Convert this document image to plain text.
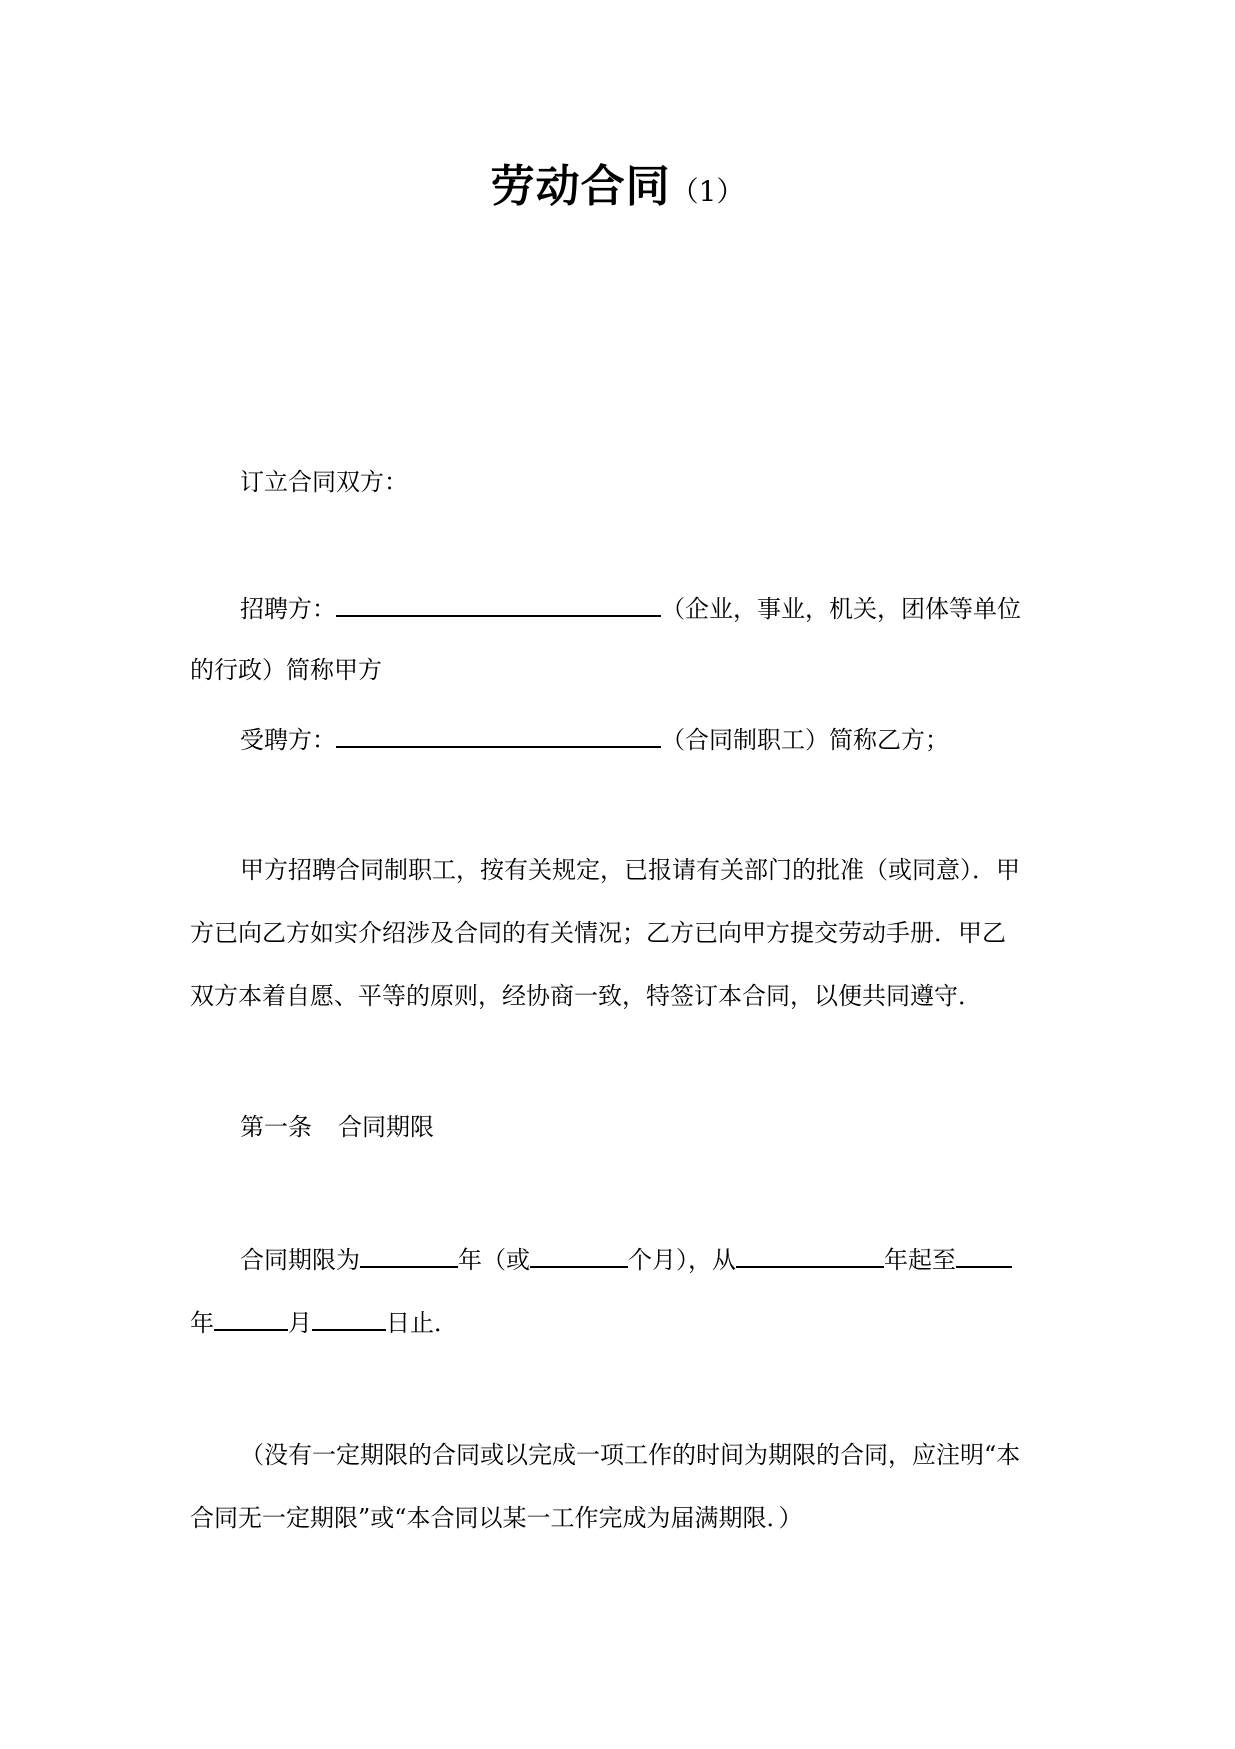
劳动合同（1）
订立合同双方：
招聘方：	（企业，事业，机关，团体等单位
的行政）简称甲方
受聘方：	（合同制职工）简称乙方；
甲方招聘合同制职工，按有关规定，已报请有关部门的批准（或同意）．甲
方已向乙方如实介绍涉及合同的有关情况；乙方已向甲方提交劳动手册．甲乙
双方本着自愿、平等的原则，经协商一致，特签订本合同，以便共同遵守．
第一条 合同期限
合同期限为	年（或	个月），从	年起至
年	月	日止．
（没有一定期限的合同或以完成一项工作的时间为期限的合同，应注明“本
合同无一定期限”或“本合同以某一工作完成为届满期限．）
